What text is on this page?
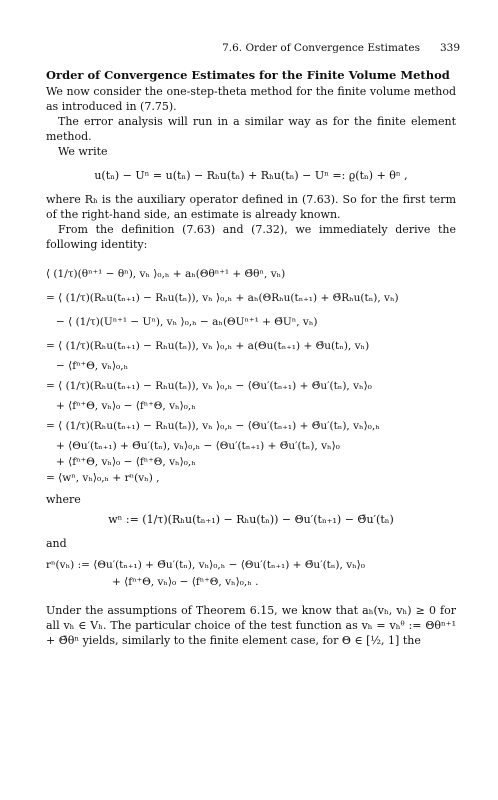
7.6. Order of Convergence Estimates 339

Order of Convergence Estimates for the Finite Volume Method

We now consider the one-step-theta method for the finite volume method as introduced in (7.75).

The error analysis will run in a similar way as for the finite element method.

We write

u(tₙ) − Uⁿ = u(tₙ) − Rₕu(tₙ) + Rₕu(tₙ) − Uⁿ =: ϱ(tₙ) + θⁿ ,

where Rₕ is the auxiliary operator defined in (7.63). So for the first term of the right-hand side, an estimate is already known.

From the definition (7.63) and (7.32), we immediately derive the following identity:

⟨ (1/τ)(θⁿ⁺¹ − θⁿ), vₕ ⟩₀,ₕ + aₕ(Θθⁿ⁺¹ + Θ̄θⁿ, vₕ)
= ⟨ (1/τ)(Rₕu(tₙ₊₁) − Rₕu(tₙ)), vₕ ⟩₀,ₕ + aₕ(ΘRₕu(tₙ₊₁) + Θ̄Rₕu(tₙ), vₕ)
− ⟨ (1/τ)(Uⁿ⁺¹ − Uⁿ), vₕ ⟩₀,ₕ − aₕ(ΘUⁿ⁺¹ + Θ̄Uⁿ, vₕ)
= ⟨ (1/τ)(Rₕu(tₙ₊₁) − Rₕu(tₙ)), vₕ ⟩₀,ₕ + a(Θu(tₙ₊₁) + Θ̄u(tₙ), vₕ)
− ⟨fⁿ⁺Θ, vₕ⟩₀,ₕ
= ⟨ (1/τ)(Rₕu(tₙ₊₁) − Rₕu(tₙ)), vₕ ⟩₀,ₕ − ⟨Θu′(tₙ₊₁) + Θ̄u′(tₙ), vₕ⟩₀
+ ⟨fⁿ⁺Θ, vₕ⟩₀ − ⟨fⁿ⁺Θ, vₕ⟩₀,ₕ
= ⟨ (1/τ)(Rₕu(tₙ₊₁) − Rₕu(tₙ)), vₕ ⟩₀,ₕ − ⟨Θu′(tₙ₊₁) + Θ̄u′(tₙ), vₕ⟩₀,ₕ
+ ⟨Θu′(tₙ₊₁) + Θ̄u′(tₙ), vₕ⟩₀,ₕ − ⟨Θu′(tₙ₊₁) + Θ̄u′(tₙ), vₕ⟩₀
+ ⟨fⁿ⁺Θ, vₕ⟩₀ − ⟨fⁿ⁺Θ, vₕ⟩₀,ₕ
= ⟨wⁿ, vₕ⟩₀,ₕ + rⁿ(vₕ) ,

where

wⁿ := (1/τ)(Rₕu(tₙ₊₁) − Rₕu(tₙ)) − Θu′(tₙ₊₁) − Θ̄u′(tₙ)

and

rⁿ(vₕ) := ⟨Θu′(tₙ₊₁) + Θ̄u′(tₙ), vₕ⟩₀,ₕ − ⟨Θu′(tₙ₊₁) + Θ̄u′(tₙ), vₕ⟩₀
+ ⟨fⁿ⁺Θ, vₕ⟩₀ − ⟨fⁿ⁺Θ, vₕ⟩₀,ₕ .

Under the assumptions of Theorem 6.15, we know that aₕ(vₕ, vₕ) ≥ 0 for all vₕ ∈ Vₕ. The particular choice of the test function as vₕ = vₕᶿ := Θθⁿ⁺¹ + Θ̄θⁿ yields, similarly to the finite element case, for Θ ∈ [½, 1] the
